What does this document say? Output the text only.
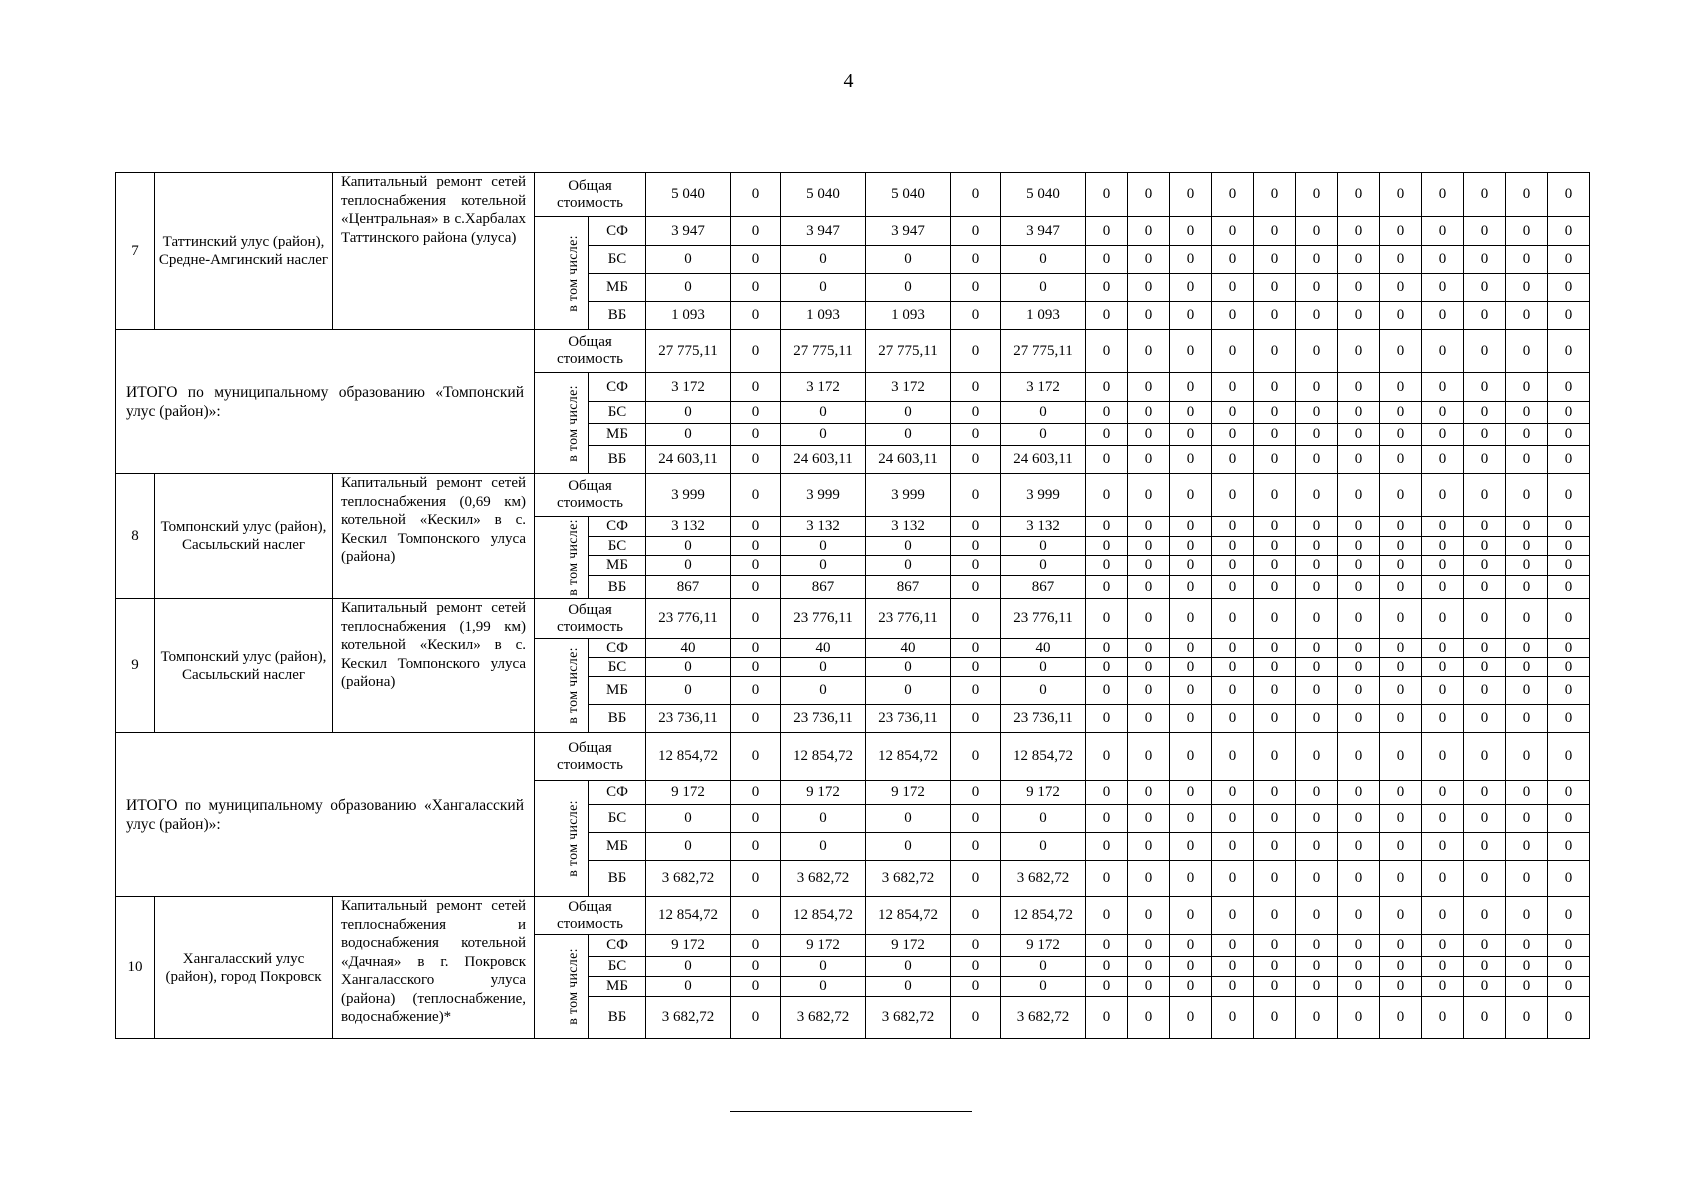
4
7	Таттинский улус (район), Средне-Амгинский наслег	Капитальный ремонт сетей теплоснабжения котельной «Центральная» в с.Харбалах Таттинского района (улуса)	Общая стоимость		5 040	0	5 040	5 040	0	5 040	0	0	0	0	0	0	0	0	0	0	0	0
			в том числе:	СФ	3 947	0	3 947	3 947	0	3 947	0	0	0	0	0	0	0	0	0	0	0	0
				БС	0	0	0	0	0	0	0	0	0	0	0	0	0	0	0	0	0	0
				МБ	0	0	0	0	0	0	0	0	0	0	0	0	0	0	0	0	0	0
				ВБ	1 093	0	1 093	1 093	0	1 093	0	0	0	0	0	0	0	0	0	0	0	0
ИТОГО по муниципальному образованию «Томпонский улус (район)»:			Общая стоимость		27 775,11	0	27 775,11	27 775,11	0	27 775,11	0	0	0	0	0	0	0	0	0	0	0	0
			в том числе:	СФ	3 172	0	3 172	3 172	0	3 172	0	0	0	0	0	0	0	0	0	0	0	0
				БС	0	0	0	0	0	0	0	0	0	0	0	0	0	0	0	0	0	0
				МБ	0	0	0	0	0	0	0	0	0	0	0	0	0	0	0	0	0	0
				ВБ	24 603,11	0	24 603,11	24 603,11	0	24 603,11	0	0	0	0	0	0	0	0	0	0	0	0
8	Томпонский улус (район), Сасыльский наслег	Капитальный ремонт сетей теплоснабжения (0,69 км) котельной «Кескил» в с. Кескил Томпонского улуса (района)	Общая стоимость		3 999	0	3 999	3 999	0	3 999	0	0	0	0	0	0	0	0	0	0	0	0
			в том числе:	СФ	3 132	0	3 132	3 132	0	3 132	0	0	0	0	0	0	0	0	0	0	0	0
				БС	0	0	0	0	0	0	0	0	0	0	0	0	0	0	0	0	0	0
				МБ	0	0	0	0	0	0	0	0	0	0	0	0	0	0	0	0	0	0
				ВБ	867	0	867	867	0	867	0	0	0	0	0	0	0	0	0	0	0	0
9	Томпонский улус (район), Сасыльский наслег	Капитальный ремонт сетей теплоснабжения (1,99 км) котельной «Кескил» в с. Кескил Томпонского улуса (района)	Общая стоимость		23 776,11	0	23 776,11	23 776,11	0	23 776,11	0	0	0	0	0	0	0	0	0	0	0	0
			в том числе:	СФ	40	0	40	40	0	40	0	0	0	0	0	0	0	0	0	0	0	0
				БС	0	0	0	0	0	0	0	0	0	0	0	0	0	0	0	0	0	0
				МБ	0	0	0	0	0	0	0	0	0	0	0	0	0	0	0	0	0	0
				ВБ	23 736,11	0	23 736,11	23 736,11	0	23 736,11	0	0	0	0	0	0	0	0	0	0	0	0
ИТОГО по муниципальному образованию «Хангаласский улус (район)»:			Общая стоимость		12 854,72	0	12 854,72	12 854,72	0	12 854,72	0	0	0	0	0	0	0	0	0	0	0	0
			в том числе:	СФ	9 172	0	9 172	9 172	0	9 172	0	0	0	0	0	0	0	0	0	0	0	0
				БС	0	0	0	0	0	0	0	0	0	0	0	0	0	0	0	0	0	0
				МБ	0	0	0	0	0	0	0	0	0	0	0	0	0	0	0	0	0	0
				ВБ	3 682,72	0	3 682,72	3 682,72	0	3 682,72	0	0	0	0	0	0	0	0	0	0	0	0
10	Хангаласский улус (район), город Покровск	Капитальный ремонт сетей теплоснабжения и водоснабжения котельной «Дачная» в г. Покровск Хангаласского улуса (района) (теплоснабжение, водоснабжение)*	Общая стоимость		12 854,72	0	12 854,72	12 854,72	0	12 854,72	0	0	0	0	0	0	0	0	0	0	0	0
			в том числе:	СФ	9 172	0	9 172	9 172	0	9 172	0	0	0	0	0	0	0	0	0	0	0	0
				БС	0	0	0	0	0	0	0	0	0	0	0	0	0	0	0	0	0	0
				МБ	0	0	0	0	0	0	0	0	0	0	0	0	0	0	0	0	0	0
				ВБ	3 682,72	0	3 682,72	3 682,72	0	3 682,72	0	0	0	0	0	0	0	0	0	0	0	0
